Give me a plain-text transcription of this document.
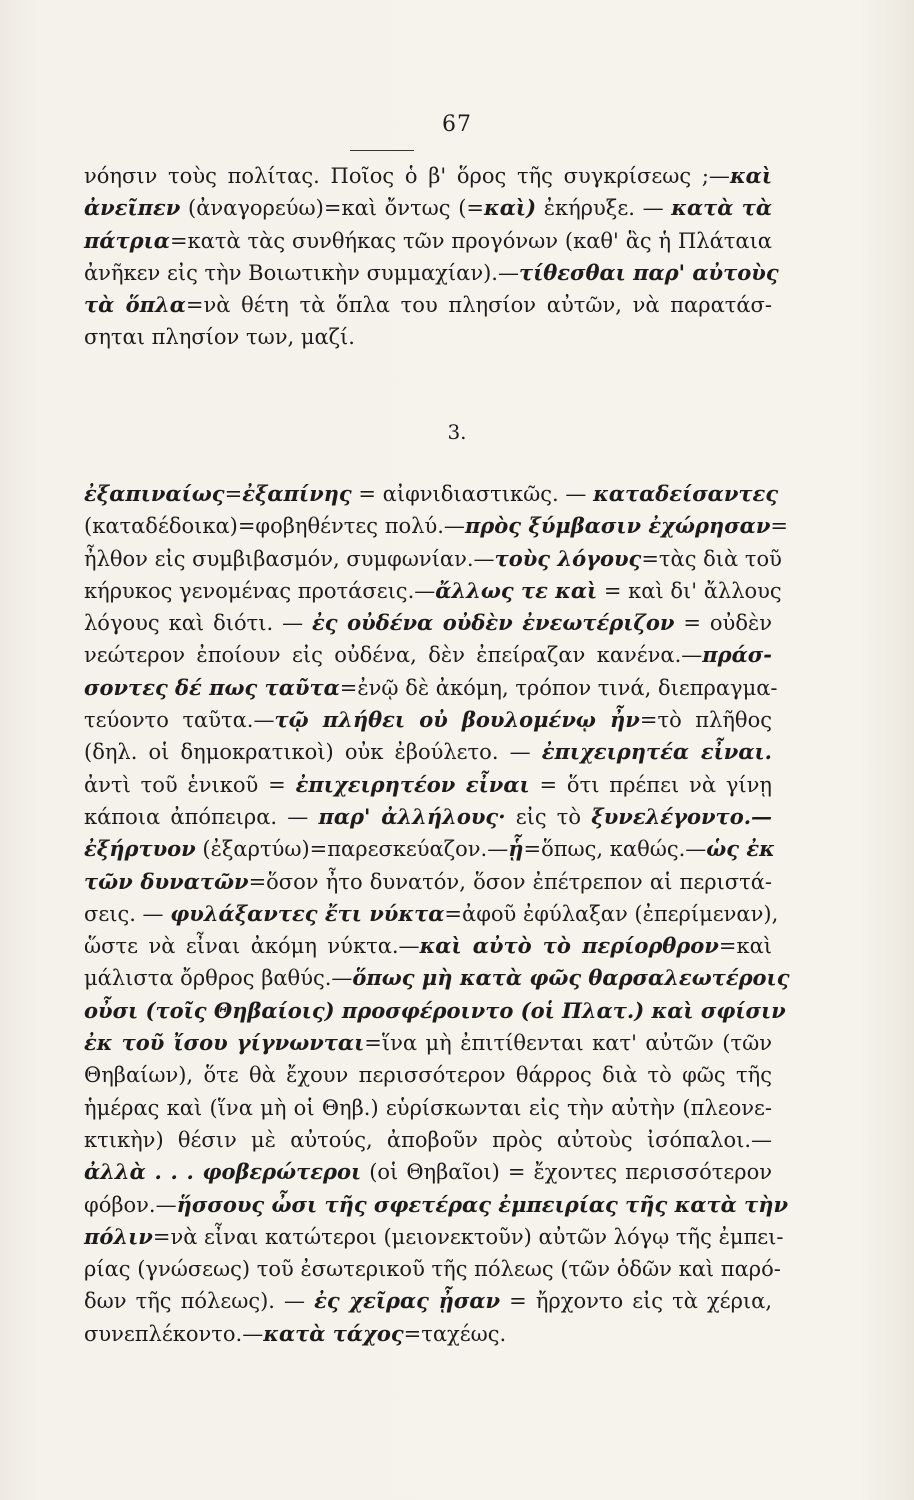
67
νόησιν τοὺς πολίτας. Ποῖος ὁ β' ὅρος τῆς συγκρίσεως ;—καὶ
ἀνεῖπεν (ἀναγορεύω)=καὶ ὄντως (=καὶ) ἐκήρυξε. — κατὰ τὰ
πάτρια=κατὰ τὰς συνθήκας τῶν προγόνων (καθ' ἃς ἡ Πλάταια
ἀνῆκεν εἰς τὴν Βοιωτικὴν συμμαχίαν).—τίθεσθαι παρ' αὐτοὺς
τὰ ὅπλα=νὰ θέτη τὰ ὅπλα του πλησίον αὐτῶν, νὰ παρατάσ-
σηται πλησίον των, μαζί.
3.
ἐξαπιναίως=ἐξαπίνης = αἰφνιδιαστικῶς. — καταδείσαντες
(καταδέδοικα)=φοβηθέντες πολύ.—πρὸς ξύμβασιν ἐχώρησαν=
ἦλθον εἰς συμβιβασμόν, συμφωνίαν.—τοὺς λόγους=τὰς διὰ τοῦ
κήρυκος γενομένας προτάσεις.—ἄλλως τε καὶ = καὶ δι' ἄλλους
λόγους καὶ διότι. — ἐς οὐδένα οὐδὲν ἐνεωτέριζον = οὐδὲν
νεώτερον ἐποίουν εἰς οὐδένα, δὲν ἐπείραζαν κανένα.—πράσ-
σοντες δέ πως ταῦτα=ἐνῷ δὲ ἀκόμη, τρόπον τινά, διεπραγμα-
τεύοντο ταῦτα.—τῷ πλήθει οὐ βουλομένῳ ἦν=τὸ πλῆθος
(δηλ. οἱ δημοκρατικοὶ) οὐκ ἐβούλετο. — ἐπιχειρητέα εἶναι.
ἀντὶ τοῦ ἑνικοῦ = ἐπιχειρητέον εἶναι = ὅτι πρέπει νὰ γίνῃ
κάποια ἀπόπειρα. — παρ' ἀλλήλους· εἰς τὸ ξυνελέγοντο.—
ἐξήρτυον (ἐξαρτύω)=παρεσκεύαζον.—ᾗ=ὅπως, καθώς.—ὡς ἐκ
τῶν δυνατῶν=ὅσον ἦτο δυνατόν, ὅσον ἐπέτρεπον αἱ περιστά-
σεις. — φυλάξαντες ἔτι νύκτα=ἀφοῦ ἐφύλαξαν (ἐπερίμεναν),
ὥστε νὰ εἶναι ἀκόμη νύκτα.—καὶ αὐτὸ τὸ περίορθρον=καὶ
μάλιστα ὄρθρος βαθύς.—ὅπως μὴ κατὰ φῶς θαρσαλεωτέροις
οὖσι (τοῖς Θηβαίοις) προσφέροιντο (οἱ Πλατ.) καὶ σφίσιν
ἐκ τοῦ ἴσου γίγνωνται=ἵνα μὴ ἐπιτίθενται κατ' αὐτῶν (τῶν
Θηβαίων), ὅτε θὰ ἔχουν περισσότερον θάρρος διὰ τὸ φῶς τῆς
ἡμέρας καὶ (ἵνα μὴ οἱ Θηβ.) εὑρίσκωνται εἰς τὴν αὐτὴν (πλεονε-
κτικὴν) θέσιν μὲ αὐτούς, ἀποβοῦν πρὸς αὐτοὺς ἰσόπαλοι.—
ἀλλὰ . . . φοβερώτεροι (οἱ Θηβαῖοι) = ἔχοντες περισσότερον
φόβον.—ἥσσους ὦσι τῆς σφετέρας ἐμπειρίας τῆς κατὰ τὴν
πόλιν=νὰ εἶναι κατώτεροι (μειονεκτοῦν) αὐτῶν λόγῳ τῆς ἐμπει-
ρίας (γνώσεως) τοῦ ἐσωτερικοῦ τῆς πόλεως (τῶν ὁδῶν καὶ παρό-
δων τῆς πόλεως). — ἐς χεῖρας ᾖσαν = ἤρχοντο εἰς τὰ χέρια,
συνεπλέκοντο.—κατὰ τάχος=ταχέως.
